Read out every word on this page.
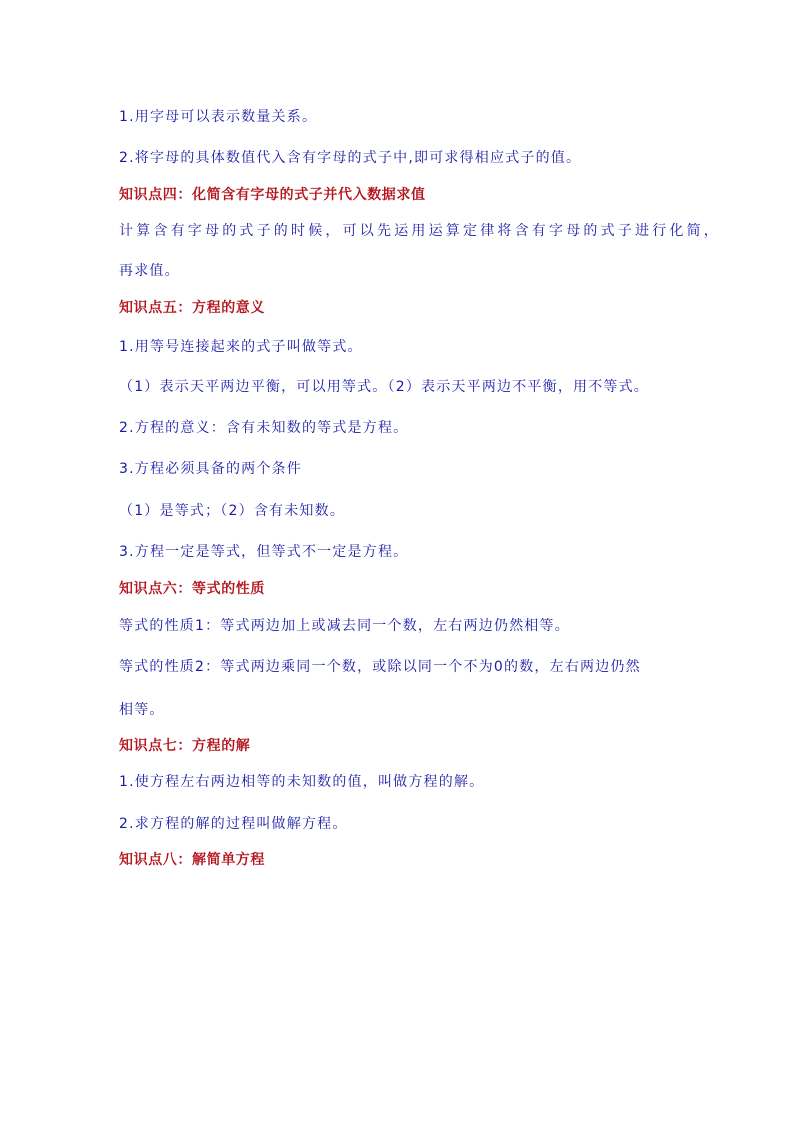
1.用字母可以表示数量关系。
2.将字母的具体数值代入含有字母的式子中,即可求得相应式子的值。
知识点四：化简含有字母的式子并代入数据求值
计算含有字母的式子的时候，可以先运用运算定律将含有字母的式子进行化简，
再求值。
知识点五：方程的意义
1.用等号连接起来的式子叫做等式。
（1）表示天平两边平衡，可以用等式。（2）表示天平两边不平衡，用不等式。
2.方程的意义：含有未知数的等式是方程。
3.方程必须具备的两个条件
（1）是等式；（2）含有未知数。
3.方程一定是等式，但等式不一定是方程。
知识点六：等式的性质
等式的性质1：等式两边加上或减去同一个数，左右两边仍然相等。
等式的性质2：等式两边乘同一个数，或除以同一个不为0的数，左右两边仍然
相等。
知识点七：方程的解
1.使方程左右两边相等的未知数的值，叫做方程的解。
2.求方程的解的过程叫做解方程。
知识点八：解简单方程
